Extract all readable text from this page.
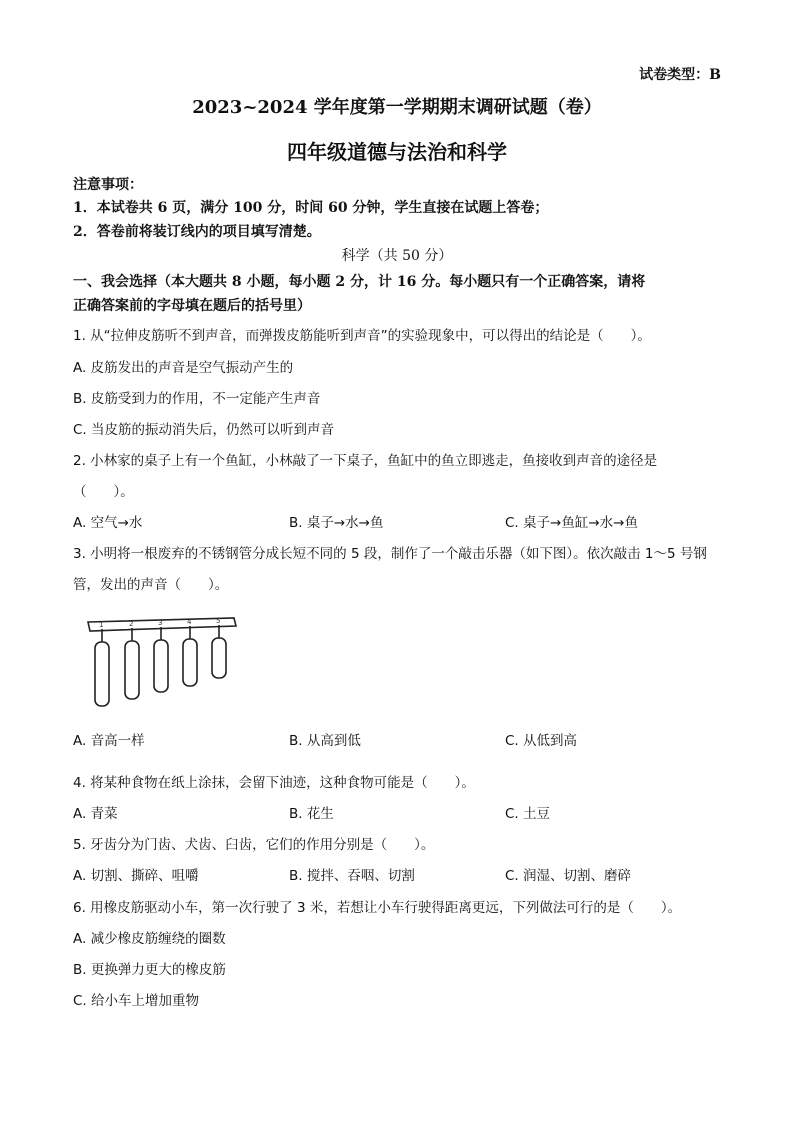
试卷类型：B
2023~2024 学年度第一学期期末调研试题（卷）
四年级道德与法治和科学
注意事项：
1．本试卷共 6 页，满分 100 分，时间 60 分钟，学生直接在试题上答卷；
2．答卷前将装订线内的项目填写清楚。
科学（共 50 分）
一、我会选择（本大题共 8 小题，每小题 2 分，计 16 分。每小题只有一个正确答案，请将
正确答案前的字母填在题后的括号里）
1. 从“拉伸皮筋听不到声音，而弹拨皮筋能听到声音”的实验现象中，可以得出的结论是（　　）。
A. 皮筋发出的声音是空气振动产生的
B. 皮筋受到力的作用，不一定能产生声音
C. 当皮筋的振动消失后，仍然可以听到声音
2. 小林家的桌子上有一个鱼缸，小林敲了一下桌子，鱼缸中的鱼立即逃走，鱼接收到声音的途径是
（　　）。
A. 空气→水	B. 桌子→水→鱼	C. 桌子→鱼缸→水→鱼
3. 小明将一根废弃的不锈钢管分成长短不同的 5 段，制作了一个敲击乐器（如下图）。依次敲击 1～5 号钢
管，发出的声音（　　）。
1	2	3	4	5
A. 音高一样	B. 从高到低	C. 从低到高
4. 将某种食物在纸上涂抹，会留下油迹，这种食物可能是（　　）。
A. 青菜	B. 花生	C. 土豆
5. 牙齿分为门齿、犬齿、臼齿，它们的作用分别是（　　）。
A. 切割、撕碎、咀嚼	B. 搅拌、吞咽、切割	C. 润湿、切割、磨碎
6. 用橡皮筋驱动小车，第一次行驶了 3 米，若想让小车行驶得距离更远，下列做法可行的是（　　）。
A. 减少橡皮筋缠绕的圈数
B. 更换弹力更大的橡皮筋
C. 给小车上增加重物
